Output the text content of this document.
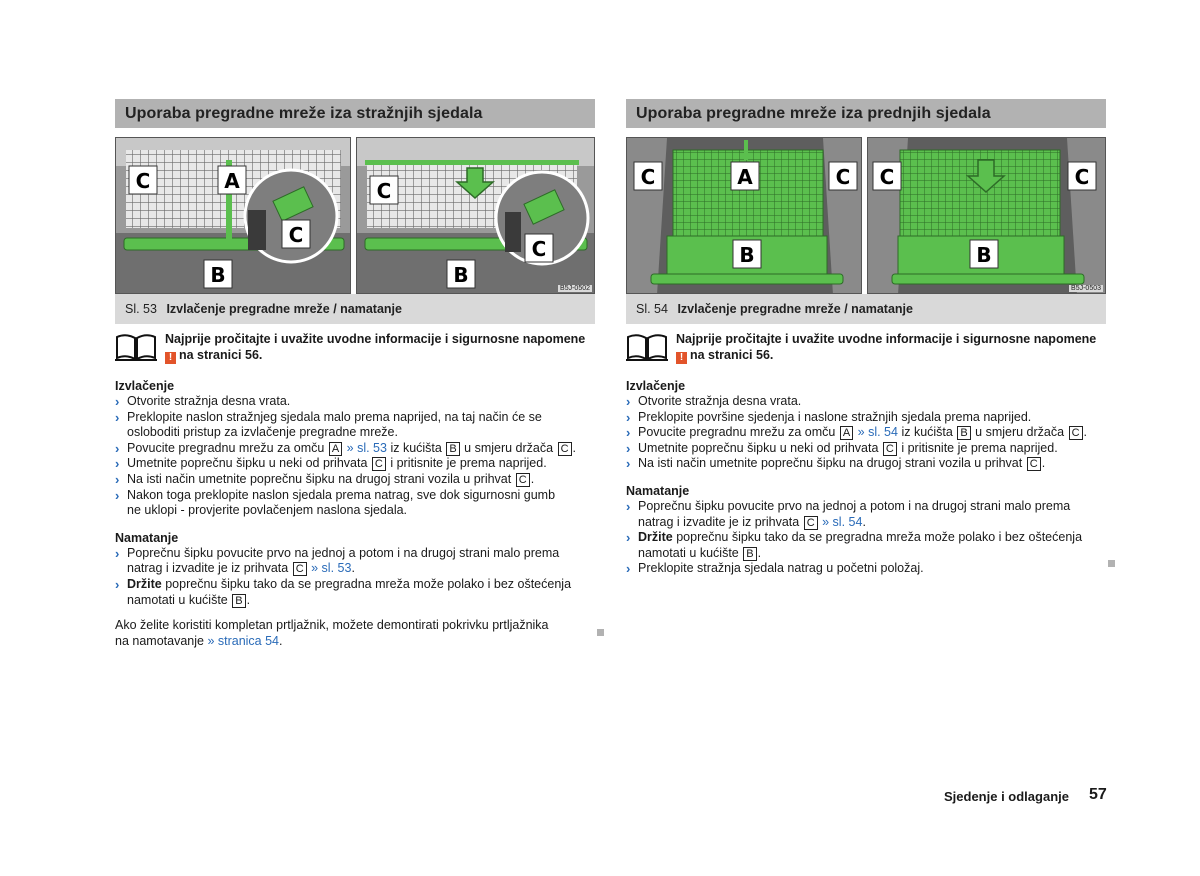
Uporaba pregradne mreže iza stražnjih sjedala
C	A
C
B
C
C
B
B5J-0502
Sl. 53 Izvlačenje pregradne mreže / namatanje
Najprije pročitajte i uvažite uvodne informacije i sigurnosne napomene
! na stranici 56.
Izvlačenje
› Otvorite stražnja desna vrata.
› Preklopite naslon stražnjeg sjedala malo prema naprijed, na taj način će se
osloboditi pristup za izvlačenje pregradne mreže.
› Povucite pregradnu mrežu za omču A » sl. 53 iz kućišta B u smjeru držača C .
› Umetnite poprečnu šipku u neki od prihvata C i pritisnite je prema naprijed.
› Na isti način umetnite poprečnu šipku na drugoj strani vozila u prihvat C .
› Nakon toga preklopite naslon sjedala prema natrag, sve dok sigurnosni gumb
ne uklopi - provjerite povlačenjem naslona sjedala.
Namatanje
› Poprečnu šipku povucite prvo na jednoj a potom i na drugoj strani malo prema
natrag i izvadite je iz prihvata C » sl. 53.
› Držite poprečnu šipku tako da se pregradna mreža može polako i bez oštećenja
namotati u kućište B .
Ako želite koristiti kompletan prtljažnik, možete demontirati pokrivku prtljažnika
na namotavanje » stranica 54.
Uporaba pregradne mreže iza prednjih sjedala
C	A	C
B
C	C
B
B5J-0503
Sl. 54 Izvlačenje pregradne mreže / namatanje
Najprije pročitajte i uvažite uvodne informacije i sigurnosne napomene
! na stranici 56.
Izvlačenje
› Otvorite stražnja desna vrata.
› Preklopite površine sjedenja i naslone stražnjih sjedala prema naprijed.
› Povucite pregradnu mrežu za omču A » sl. 54 iz kućišta B u smjeru držača C .
› Umetnite poprečnu šipku u neki od prihvata C i pritisnite je prema naprijed.
› Na isti način umetnite poprečnu šipku na drugoj strani vozila u prihvat C .
Namatanje
› Poprečnu šipku povucite prvo na jednoj a potom i na drugoj strani malo prema
natrag i izvadite je iz prihvata C » sl. 54.
› Držite poprečnu šipku tako da se pregradna mreža može polako i bez oštećenja
namotati u kućište B .
› Preklopite stražnja sjedala natrag u početni položaj.
Sjedenje i odlaganje 57
